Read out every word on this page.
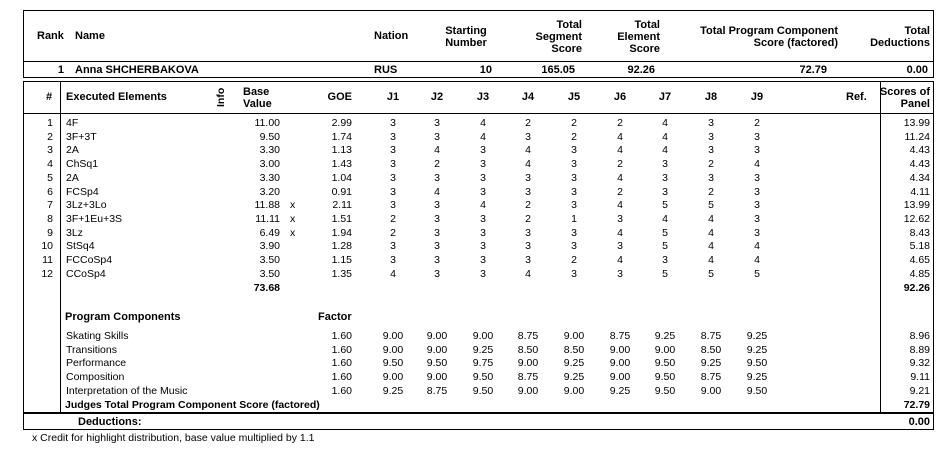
Rank Name	Nation	Starting Number
Total Segment Score
Total Element Score
Total Program Component Score (factored)
Total Deductions
1 Anna SHCHERBAKOVA	RUS	10	165.05	92.26	72.79	0.00
# Executed Elements	Info Base Value
GOE	J1	J2	J3	J4	J5	J6	J7	J8	J9	Ref.	Scores of Panel
1 4F	11.00	2.99	3	3	4	2	2	2	4	3	2	13.99
2 3F+3T	9.50	1.74	3	3	4	3	2	4	4	3	3	11.24
3 2A	3.30	1.13	3	4	3	4	3	4	4	3	3	4.43
4 ChSq1	3.00	1.43	3	2	3	4	3	2	3	2	4	4.43
5 2A	3.30	1.04	3	3	3	3	3	4	3	3	3	4.34
6 FCSp4	3.20	0.91	3	4	3	3	3	2	3	2	3	4.11
7 3Lz+3Lo	11.88 x	2.11	3	3	4	2	3	4	5	5	3	13.99
8 3F+1Eu+3S	11.11 x	1.51	2	3	3	2	1	3	4	4	3	12.62
9 3Lz	6.49 x	1.94	2	3	3	3	3	4	5	4	3	8.43
10 StSq4	3.90	1.28	3	3	3	3	3	3	5	4	4	5.18
11 FCCoSp4	3.50	1.15	3	3	3	3	2	4	3	4	4	4.65
12 CCoSp4	3.50	1.35	4	3	3	4	3	3	5	5	5	4.85
73.68	92.26
Program Components	Factor
Skating Skills	1.60	9.00	9.00	9.00	8.75	9.00	8.75	9.25	8.75	9.25	8.96
Transitions	1.60	9.00	9.00	9.25	8.50	8.50	9.00	9.00	8.50	9.25	8.89
Performance	1.60	9.50	9.50	9.75	9.00	9.25	9.00	9.50	9.25	9.50	9.32
Composition	1.60	9.00	9.00	9.50	8.75	9.25	9.00	9.50	8.75	9.25	9.11
Interpretation of the Music	1.60	9.25	8.75	9.50	9.00	9.00	9.25	9.50	9.00	9.50	9.21
Judges Total Program Component Score (factored)	72.79
Deductions:	0.00
x Credit for highlight distribution, base value multiplied by 1.1
